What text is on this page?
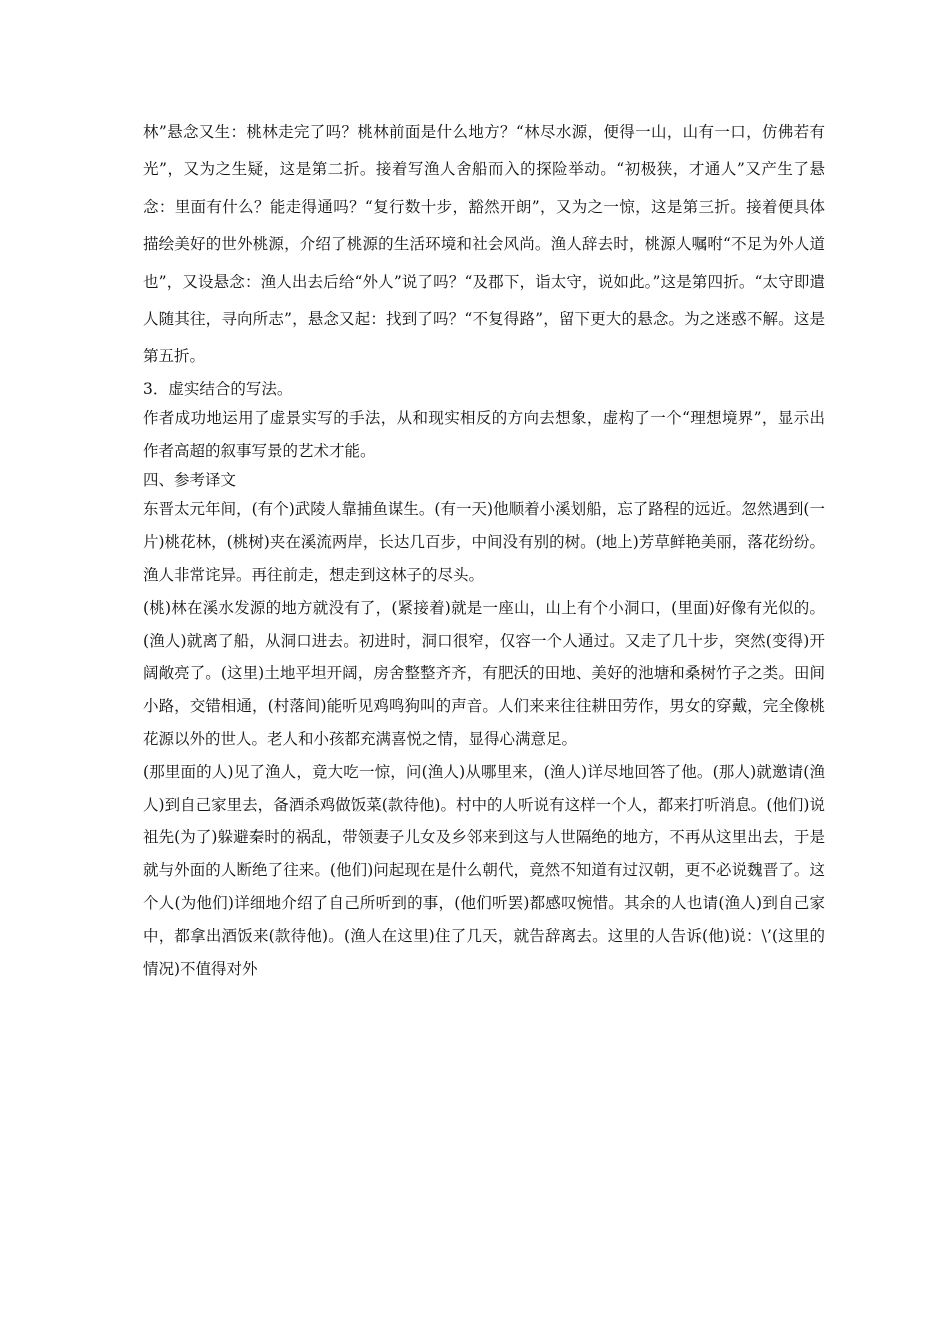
林”悬念又生：桃林走完了吗？桃林前面是什么地方？“林尽水源，便得一山，山有一口，仿佛若有光”，又为之生疑，这是第二折。接着写渔人舍船而入的探险举动。“初极狭，才通人”又产生了悬念：里面有什么？能走得通吗？“复行数十步，豁然开朗”，又为之一惊，这是第三折。接着便具体描绘美好的世外桃源，介绍了桃源的生活环境和社会风尚。渔人辞去时，桃源人嘱咐“不足为外人道也”，又设悬念：渔人出去后给“外人”说了吗？“及郡下，诣太守，说如此。”这是第四折。“太守即遣人随其往，寻向所志”，悬念又起：找到了吗？“不复得路”，留下更大的悬念。为之迷惑不解。这是第五折。

3．虚实结合的写法。

作者成功地运用了虚景实写的手法，从和现实相反的方向去想象，虚构了一个“理想境界”，显示出作者高超的叙事写景的艺术才能。

四、参考译文

东晋太元年间，(有个)武陵人靠捕鱼谋生。(有一天)他顺着小溪划船，忘了路程的远近。忽然遇到(一片)桃花林，(桃树)夹在溪流两岸，长达几百步，中间没有别的树。(地上)芳草鲜艳美丽，落花纷纷。渔人非常诧异。再往前走，想走到这林子的尽头。

(桃)林在溪水发源的地方就没有了，(紧接着)就是一座山，山上有个小洞口，(里面)好像有光似的。(渔人)就离了船，从洞口进去。初进时，洞口很窄，仅容一个人通过。又走了几十步，突然(变得)开阔敞亮了。(这里)土地平坦开阔，房舍整整齐齐，有肥沃的田地、美好的池塘和桑树竹子之类。田间小路，交错相通，(村落间)能听见鸡鸣狗叫的声音。人们来来往往耕田劳作，男女的穿戴，完全像桃花源以外的世人。老人和小孩都充满喜悦之情，显得心满意足。

(那里面的人)见了渔人，竟大吃一惊，问(渔人)从哪里来，(渔人)详尽地回答了他。(那人)就邀请(渔人)到自己家里去，备酒杀鸡做饭菜(款待他)。村中的人听说有这样一个人，都来打听消息。(他们)说祖先(为了)躲避秦时的祸乱，带领妻子儿女及乡邻来到这与人世隔绝的地方，不再从这里出去，于是就与外面的人断绝了往来。(他们)问起现在是什么朝代，竟然不知道有过汉朝，更不必说魏晋了。这个人(为他们)详细地介绍了自己所听到的事，(他们听罢)都感叹惋惜。其余的人也请(渔人)到自己家中，都拿出酒饭来(款待他)。(渔人在这里)住了几天，就告辞离去。这里的人告诉(他)说：\’(这里的情况)不值得对外
